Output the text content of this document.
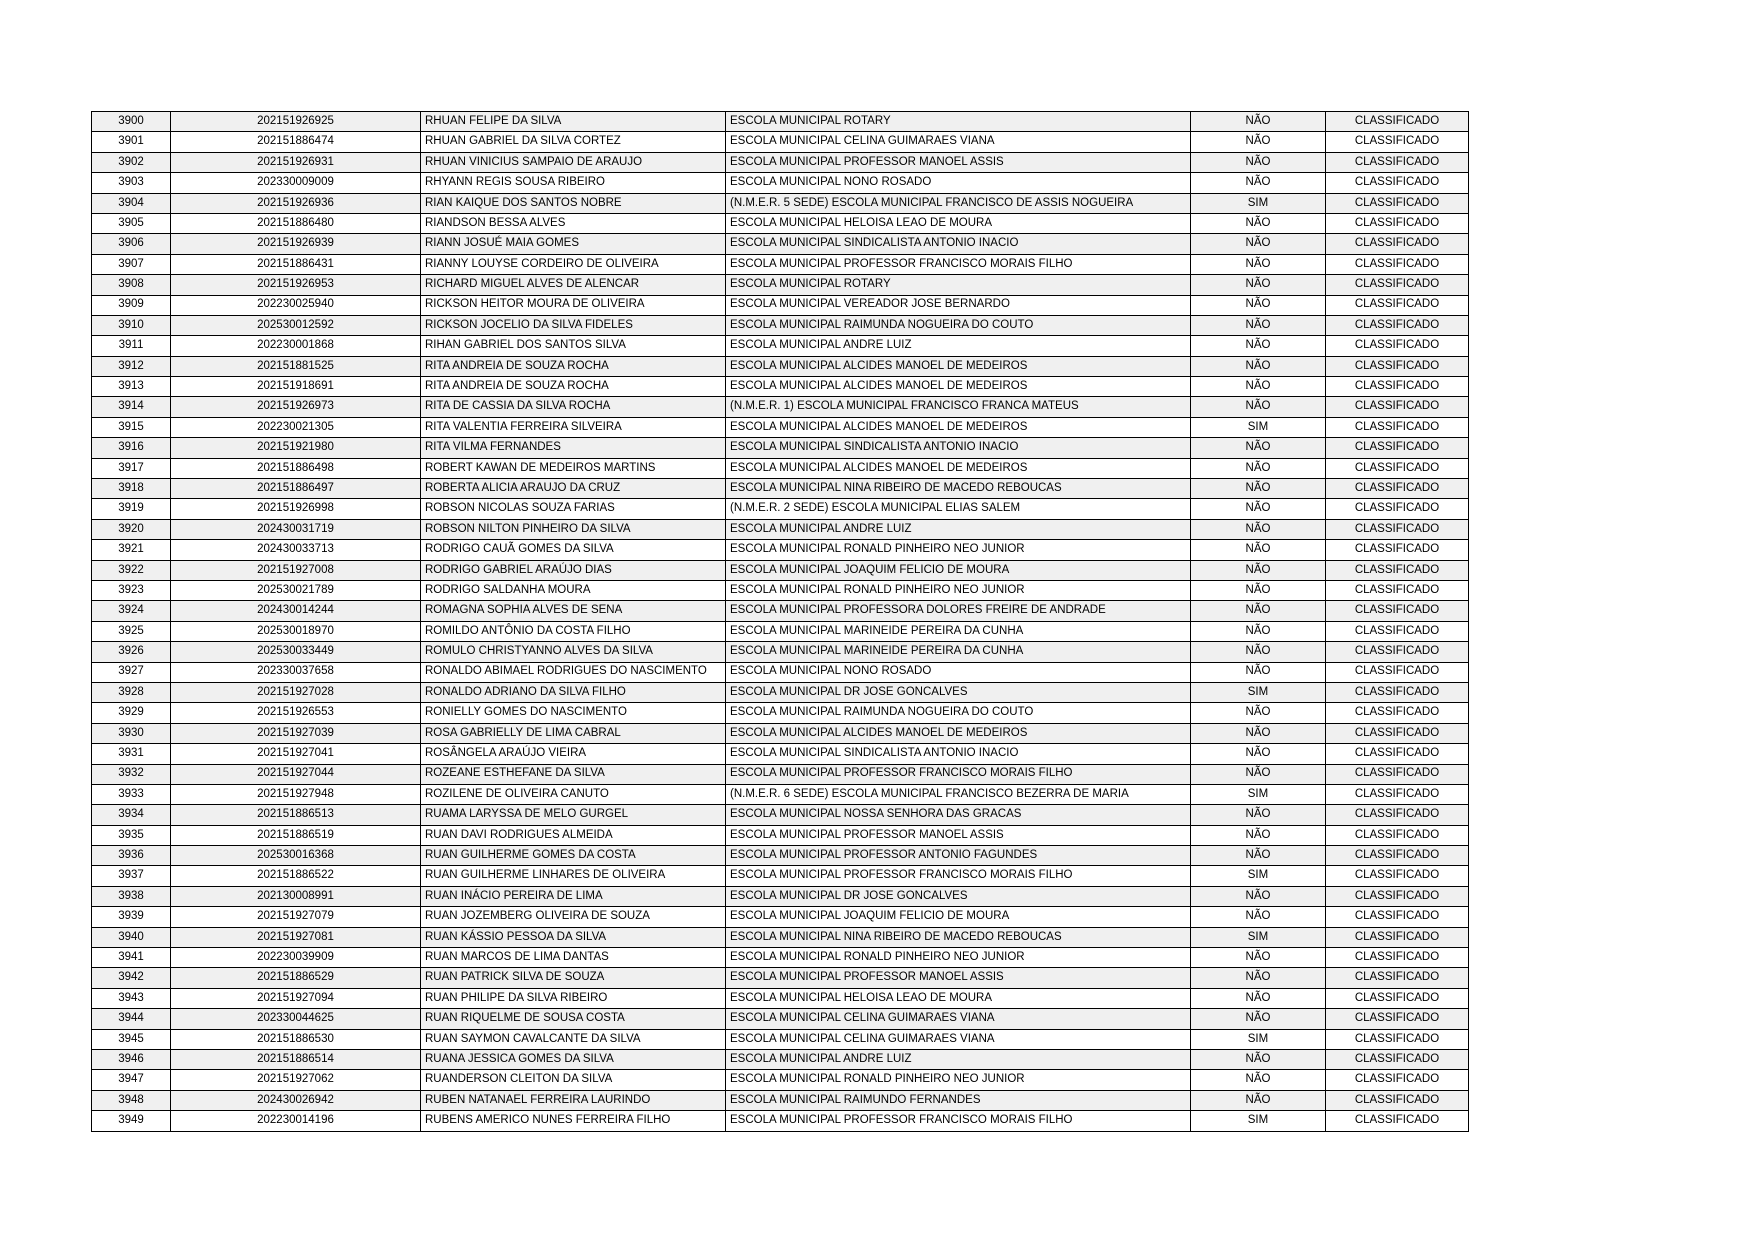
3900	202151926925	RHUAN FELIPE DA SILVA	ESCOLA MUNICIPAL ROTARY	NÃO	CLASSIFICADO
3901	202151886474	RHUAN GABRIEL DA SILVA CORTEZ	ESCOLA MUNICIPAL CELINA GUIMARAES VIANA	NÃO	CLASSIFICADO
3902	202151926931	RHUAN VINICIUS SAMPAIO DE ARAUJO	ESCOLA MUNICIPAL PROFESSOR MANOEL ASSIS	NÃO	CLASSIFICADO
3903	202330009009	RHYANN REGIS SOUSA RIBEIRO	ESCOLA MUNICIPAL NONO ROSADO	NÃO	CLASSIFICADO
3904	202151926936	RIAN KAIQUE DOS SANTOS NOBRE	(N.M.E.R. 5 SEDE) ESCOLA MUNICIPAL FRANCISCO DE ASSIS NOGUEIRA	SIM	CLASSIFICADO
3905	202151886480	RIANDSON BESSA ALVES	ESCOLA MUNICIPAL HELOISA LEAO DE MOURA	NÃO	CLASSIFICADO
3906	202151926939	RIANN JOSUÉ MAIA GOMES	ESCOLA MUNICIPAL SINDICALISTA ANTONIO INACIO	NÃO	CLASSIFICADO
3907	202151886431	RIANNY LOUYSE CORDEIRO DE OLIVEIRA	ESCOLA MUNICIPAL PROFESSOR FRANCISCO MORAIS FILHO	NÃO	CLASSIFICADO
3908	202151926953	RICHARD MIGUEL ALVES DE ALENCAR	ESCOLA MUNICIPAL ROTARY	NÃO	CLASSIFICADO
3909	202230025940	RICKSON HEITOR MOURA DE OLIVEIRA	ESCOLA MUNICIPAL VEREADOR JOSE BERNARDO	NÃO	CLASSIFICADO
3910	202530012592	RICKSON JOCELIO DA SILVA FIDELES	ESCOLA MUNICIPAL RAIMUNDA NOGUEIRA DO COUTO	NÃO	CLASSIFICADO
3911	202230001868	RIHAN GABRIEL DOS SANTOS SILVA	ESCOLA MUNICIPAL ANDRE LUIZ	NÃO	CLASSIFICADO
3912	202151881525	RITA ANDREIA DE SOUZA ROCHA	ESCOLA MUNICIPAL ALCIDES MANOEL DE MEDEIROS	NÃO	CLASSIFICADO
3913	202151918691	RITA ANDREIA DE SOUZA ROCHA	ESCOLA MUNICIPAL ALCIDES MANOEL DE MEDEIROS	NÃO	CLASSIFICADO
3914	202151926973	RITA DE CASSIA DA SILVA ROCHA	(N.M.E.R. 1) ESCOLA MUNICIPAL FRANCISCO FRANCA MATEUS	NÃO	CLASSIFICADO
3915	202230021305	RITA VALENTIA FERREIRA SILVEIRA	ESCOLA MUNICIPAL ALCIDES MANOEL DE MEDEIROS	SIM	CLASSIFICADO
3916	202151921980	RITA VILMA FERNANDES	ESCOLA MUNICIPAL SINDICALISTA ANTONIO INACIO	NÃO	CLASSIFICADO
3917	202151886498	ROBERT KAWAN DE MEDEIROS MARTINS	ESCOLA MUNICIPAL ALCIDES MANOEL DE MEDEIROS	NÃO	CLASSIFICADO
3918	202151886497	ROBERTA ALICIA ARAUJO DA CRUZ	ESCOLA MUNICIPAL NINA RIBEIRO DE MACEDO REBOUCAS	NÃO	CLASSIFICADO
3919	202151926998	ROBSON NICOLAS SOUZA FARIAS	(N.M.E.R. 2 SEDE) ESCOLA MUNICIPAL ELIAS SALEM	NÃO	CLASSIFICADO
3920	202430031719	ROBSON NILTON PINHEIRO DA SILVA	ESCOLA MUNICIPAL ANDRE LUIZ	NÃO	CLASSIFICADO
3921	202430033713	RODRIGO CAUÃ GOMES DA SILVA	ESCOLA MUNICIPAL RONALD PINHEIRO NEO JUNIOR	NÃO	CLASSIFICADO
3922	202151927008	RODRIGO GABRIEL ARAÚJO DIAS	ESCOLA MUNICIPAL JOAQUIM FELICIO DE MOURA	NÃO	CLASSIFICADO
3923	202530021789	RODRIGO SALDANHA MOURA	ESCOLA MUNICIPAL RONALD PINHEIRO NEO JUNIOR	NÃO	CLASSIFICADO
3924	202430014244	ROMAGNA SOPHIA ALVES DE SENA	ESCOLA MUNICIPAL PROFESSORA DOLORES FREIRE DE ANDRADE	NÃO	CLASSIFICADO
3925	202530018970	ROMILDO ANTÔNIO DA COSTA FILHO	ESCOLA MUNICIPAL MARINEIDE PEREIRA DA CUNHA	NÃO	CLASSIFICADO
3926	202530033449	ROMULO CHRISTYANNO ALVES DA SILVA	ESCOLA MUNICIPAL MARINEIDE PEREIRA DA CUNHA	NÃO	CLASSIFICADO
3927	202330037658	RONALDO ABIMAEL RODRIGUES DO NASCIMENTO	ESCOLA MUNICIPAL NONO ROSADO	NÃO	CLASSIFICADO
3928	202151927028	RONALDO ADRIANO DA SILVA FILHO	ESCOLA MUNICIPAL DR JOSE GONCALVES	SIM	CLASSIFICADO
3929	202151926553	RONIELLY GOMES DO NASCIMENTO	ESCOLA MUNICIPAL RAIMUNDA NOGUEIRA DO COUTO	NÃO	CLASSIFICADO
3930	202151927039	ROSA GABRIELLY DE LIMA CABRAL	ESCOLA MUNICIPAL ALCIDES MANOEL DE MEDEIROS	NÃO	CLASSIFICADO
3931	202151927041	ROSÂNGELA ARAÚJO VIEIRA	ESCOLA MUNICIPAL SINDICALISTA ANTONIO INACIO	NÃO	CLASSIFICADO
3932	202151927044	ROZEANE ESTHEFANE DA SILVA	ESCOLA MUNICIPAL PROFESSOR FRANCISCO MORAIS FILHO	NÃO	CLASSIFICADO
3933	202151927948	ROZILENE DE OLIVEIRA CANUTO	(N.M.E.R. 6 SEDE) ESCOLA MUNICIPAL FRANCISCO BEZERRA DE MARIA	SIM	CLASSIFICADO
3934	202151886513	RUAMA LARYSSA DE MELO GURGEL	ESCOLA MUNICIPAL NOSSA SENHORA DAS GRACAS	NÃO	CLASSIFICADO
3935	202151886519	RUAN DAVI RODRIGUES ALMEIDA	ESCOLA MUNICIPAL PROFESSOR MANOEL ASSIS	NÃO	CLASSIFICADO
3936	202530016368	RUAN GUILHERME GOMES DA COSTA	ESCOLA MUNICIPAL PROFESSOR ANTONIO FAGUNDES	NÃO	CLASSIFICADO
3937	202151886522	RUAN GUILHERME LINHARES DE OLIVEIRA	ESCOLA MUNICIPAL PROFESSOR FRANCISCO MORAIS FILHO	SIM	CLASSIFICADO
3938	202130008991	RUAN INÁCIO PEREIRA DE LIMA	ESCOLA MUNICIPAL DR JOSE GONCALVES	NÃO	CLASSIFICADO
3939	202151927079	RUAN JOZEMBERG OLIVEIRA DE SOUZA	ESCOLA MUNICIPAL JOAQUIM FELICIO DE MOURA	NÃO	CLASSIFICADO
3940	202151927081	RUAN KÁSSIO PESSOA DA SILVA	ESCOLA MUNICIPAL NINA RIBEIRO DE MACEDO REBOUCAS	SIM	CLASSIFICADO
3941	202230039909	RUAN MARCOS DE LIMA DANTAS	ESCOLA MUNICIPAL RONALD PINHEIRO NEO JUNIOR	NÃO	CLASSIFICADO
3942	202151886529	RUAN PATRICK SILVA DE SOUZA	ESCOLA MUNICIPAL PROFESSOR MANOEL ASSIS	NÃO	CLASSIFICADO
3943	202151927094	RUAN PHILIPE DA SILVA RIBEIRO	ESCOLA MUNICIPAL HELOISA LEAO DE MOURA	NÃO	CLASSIFICADO
3944	202330044625	RUAN RIQUELME DE SOUSA COSTA	ESCOLA MUNICIPAL CELINA GUIMARAES VIANA	NÃO	CLASSIFICADO
3945	202151886530	RUAN SAYMON CAVALCANTE DA SILVA	ESCOLA MUNICIPAL CELINA GUIMARAES VIANA	SIM	CLASSIFICADO
3946	202151886514	RUANA JESSICA GOMES DA SILVA	ESCOLA MUNICIPAL ANDRE LUIZ	NÃO	CLASSIFICADO
3947	202151927062	RUANDERSON CLEITON DA SILVA	ESCOLA MUNICIPAL RONALD PINHEIRO NEO JUNIOR	NÃO	CLASSIFICADO
3948	202430026942	RUBEN NATANAEL FERREIRA LAURINDO	ESCOLA MUNICIPAL RAIMUNDO FERNANDES	NÃO	CLASSIFICADO
3949	202230014196	RUBENS AMERICO NUNES FERREIRA FILHO	ESCOLA MUNICIPAL PROFESSOR FRANCISCO MORAIS FILHO	SIM	CLASSIFICADO
